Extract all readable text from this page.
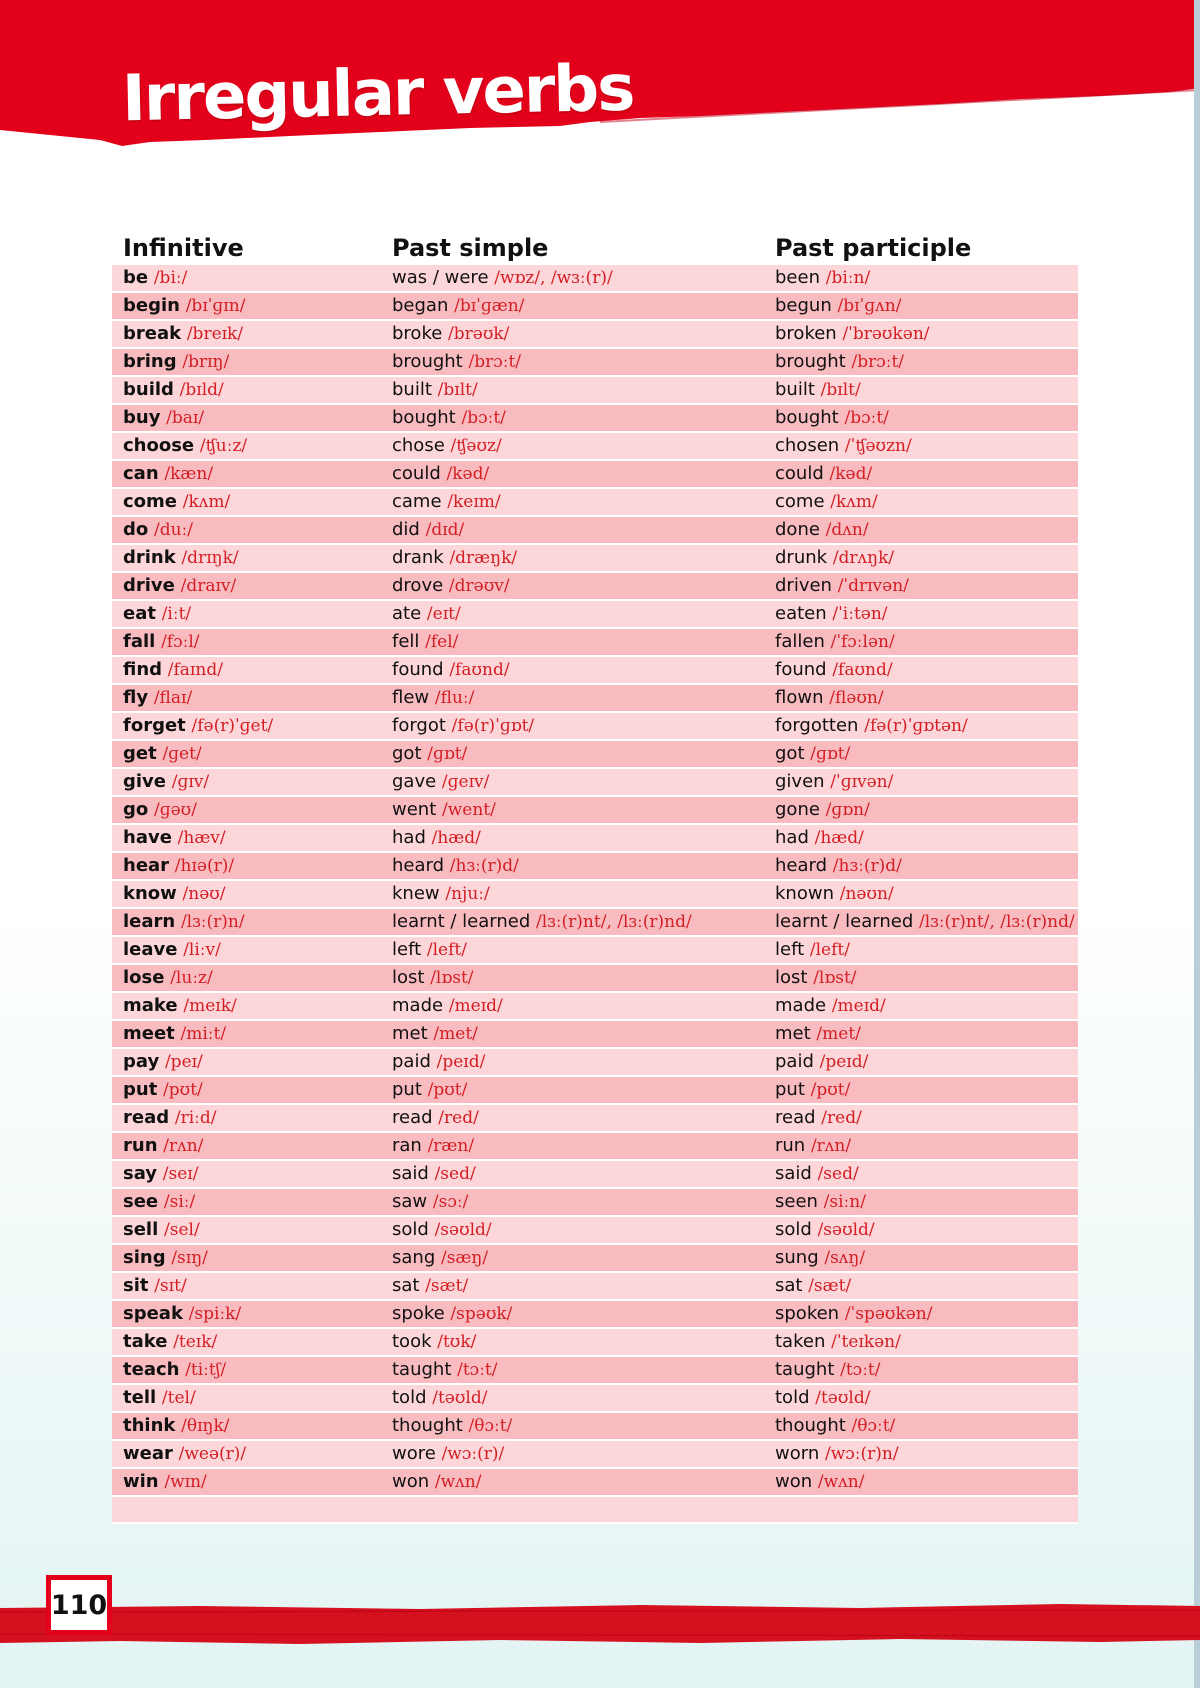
Irregular verbs
Infinitive	Past simple	Past participle
be /biː/	was / were /wɒz/, /wɜː(r)/	been /biːn/
begin /bɪˈɡɪn/	began /bɪˈɡæn/	begun /bɪˈɡʌn/
break /breɪk/	broke /brəʊk/	broken /ˈbrəʊkən/
bring /brɪŋ/	brought /brɔːt/	brought /brɔːt/
build /bɪld/	built /bɪlt/	built /bɪlt/
buy /baɪ/	bought /bɔːt/	bought /bɔːt/
choose /ʧuːz/	chose /ʧəʊz/	chosen /ˈʧəʊzn/
can /kæn/	could /kəd/	could /kəd/
come /kʌm/	came /keɪm/	come /kʌm/
do /duː/	did /dɪd/	done /dʌn/
drink /drɪŋk/	drank /dræŋk/	drunk /drʌŋk/
drive /draɪv/	drove /drəʊv/	driven /ˈdrɪvən/
eat /iːt/	ate /eɪt/	eaten /ˈiːtən/
fall /fɔːl/	fell /fel/	fallen /ˈfɔːlən/
find /faɪnd/	found /faʊnd/	found /faʊnd/
fly /flaɪ/	flew /fluː/	flown /fləʊn/
forget /fə(r)ˈɡet/	forgot /fə(r)ˈɡɒt/	forgotten /fə(r)ˈɡɒtən/
get /ɡet/	got /ɡɒt/	got /ɡɒt/
give /ɡɪv/	gave /ɡeɪv/	given /ˈɡɪvən/
go /ɡəʊ/	went /went/	gone /ɡɒn/
have /hæv/	had /hæd/	had /hæd/
hear /hɪə(r)/	heard /hɜː(r)d/	heard /hɜː(r)d/
know /nəʊ/	knew /njuː/	known /nəʊn/
learn /lɜː(r)n/	learnt / learned /lɜː(r)nt/, /lɜː(r)nd/	learnt / learned /lɜː(r)nt/, /lɜː(r)nd/
leave /liːv/	left /left/	left /left/
lose /luːz/	lost /lɒst/	lost /lɒst/
make /meɪk/	made /meɪd/	made /meɪd/
meet /miːt/	met /met/	met /met/
pay /peɪ/	paid /peɪd/	paid /peɪd/
put /pʊt/	put /pʊt/	put /pʊt/
read /riːd/	read /red/	read /red/
run /rʌn/	ran /ræn/	run /rʌn/
say /seɪ/	said /sed/	said /sed/
see /siː/	saw /sɔː/	seen /siːn/
sell /sel/	sold /səʊld/	sold /səʊld/
sing /sɪŋ/	sang /sæŋ/	sung /sʌŋ/
sit /sɪt/	sat /sæt/	sat /sæt/
speak /spiːk/	spoke /spəʊk/	spoken /ˈspəʊkən/
take /teɪk/	took /tʊk/	taken /ˈteɪkən/
teach /tiːtʃ/	taught /tɔːt/	taught /tɔːt/
tell /tel/	told /təʊld/	told /təʊld/
think /θɪŋk/	thought /θɔːt/	thought /θɔːt/
wear /weə(r)/	wore /wɔː(r)/	worn /wɔː(r)n/
win /wɪn/	won /wʌn/	won /wʌn/

110
